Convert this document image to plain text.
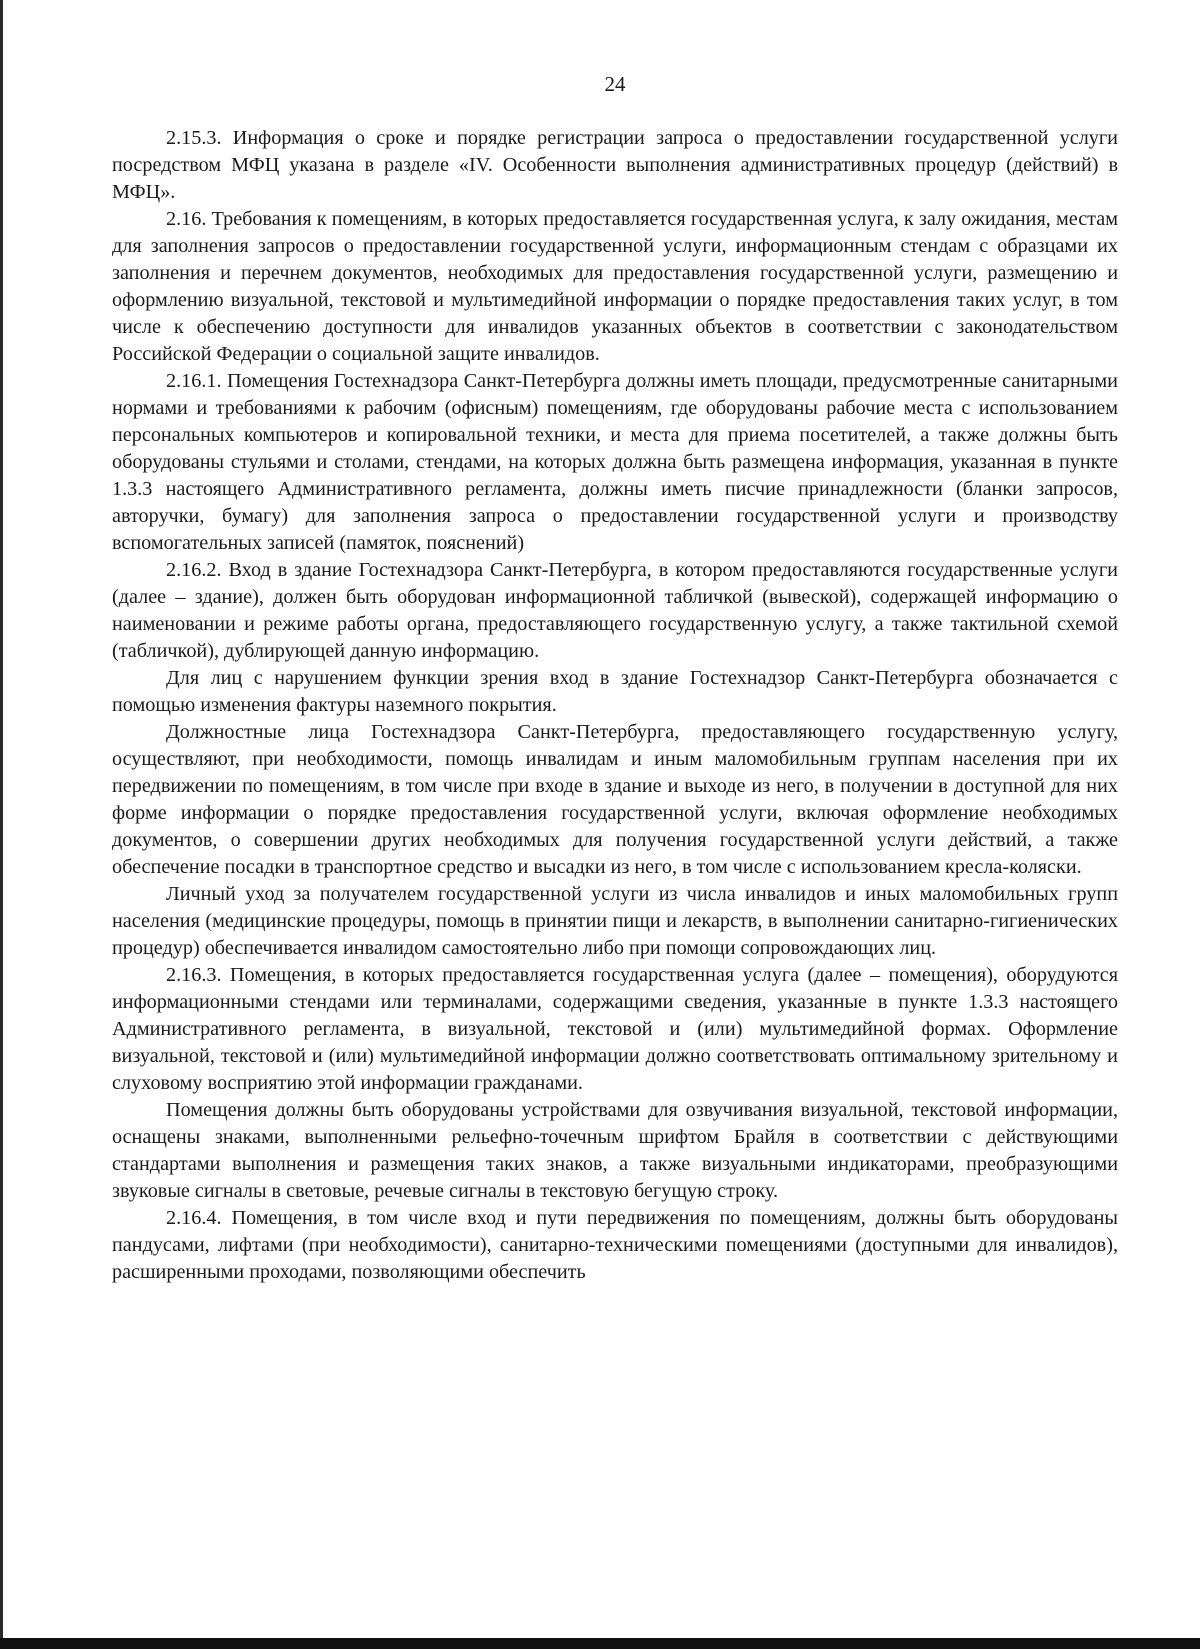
24

2.15.3. Информация о сроке и порядке регистрации запроса о предоставлении государственной услуги посредством МФЦ указана в разделе «IV. Особенности выполнения административных процедур (действий) в МФЦ».

2.16. Требования к помещениям, в которых предоставляется государственная услуга, к залу ожидания, местам для заполнения запросов о предоставлении государственной услуги, информационным стендам с образцами их заполнения и перечнем документов, необходимых для предоставления государственной услуги, размещению и оформлению визуальной, текстовой и мультимедийной информации о порядке предоставления таких услуг, в том числе к обеспечению доступности для инвалидов указанных объектов в соответствии с законодательством Российской Федерации о социальной защите инвалидов.

2.16.1. Помещения Гостехнадзора Санкт-Петербурга должны иметь площади, предусмотренные санитарными нормами и требованиями к рабочим (офисным) помещениям, где оборудованы рабочие места с использованием персональных компьютеров и копировальной техники, и места для приема посетителей, а также должны быть оборудованы стульями и столами, стендами, на которых должна быть размещена информация, указанная в пункте 1.3.3 настоящего Административного регламента, должны иметь писчие принадлежности (бланки запросов, авторучки, бумагу) для заполнения запроса о предоставлении государственной услуги и производству вспомогательных записей (памяток, пояснений)

2.16.2. Вход в здание Гостехнадзора Санкт-Петербурга, в котором предоставляются государственные услуги (далее – здание), должен быть оборудован информационной табличкой (вывеской), содержащей информацию о наименовании и режиме работы органа, предоставляющего государственную услугу, а также тактильной схемой (табличкой), дублирующей данную информацию.

Для лиц с нарушением функции зрения вход в здание Гостехнадзор Санкт-Петербурга обозначается с помощью изменения фактуры наземного покрытия.

Должностные лица Гостехнадзора Санкт-Петербурга, предоставляющего государственную услугу, осуществляют, при необходимости, помощь инвалидам и иным маломобильным группам населения при их передвижении по помещениям, в том числе при входе в здание и выходе из него, в получении в доступной для них форме информации о порядке предоставления государственной услуги, включая оформление необходимых документов, о совершении других необходимых для получения государственной услуги действий, а также обеспечение посадки в транспортное средство и высадки из него, в том числе с использованием кресла-коляски.

Личный уход за получателем государственной услуги из числа инвалидов и иных маломобильных групп населения (медицинские процедуры, помощь в принятии пищи и лекарств, в выполнении санитарно-гигиенических процедур) обеспечивается инвалидом самостоятельно либо при помощи сопровождающих лиц.

2.16.3. Помещения, в которых предоставляется государственная услуга (далее – помещения), оборудуются информационными стендами или терминалами, содержащими сведения, указанные в пункте 1.3.3 настоящего Административного регламента, в визуальной, текстовой и (или) мультимедийной формах. Оформление визуальной, текстовой и (или) мультимедийной информации должно соответствовать оптимальному зрительному и слуховому восприятию этой информации гражданами.

Помещения должны быть оборудованы устройствами для озвучивания визуальной, текстовой информации, оснащены знаками, выполненными рельефно-точечным шрифтом Брайля в соответствии с действующими стандартами выполнения и размещения таких знаков, а также визуальными индикаторами, преобразующими звуковые сигналы в световые, речевые сигналы в текстовую бегущую строку.

2.16.4. Помещения, в том числе вход и пути передвижения по помещениям, должны быть оборудованы пандусами, лифтами (при необходимости), санитарно-техническими помещениями (доступными для инвалидов), расширенными проходами, позволяющими обеспечить
